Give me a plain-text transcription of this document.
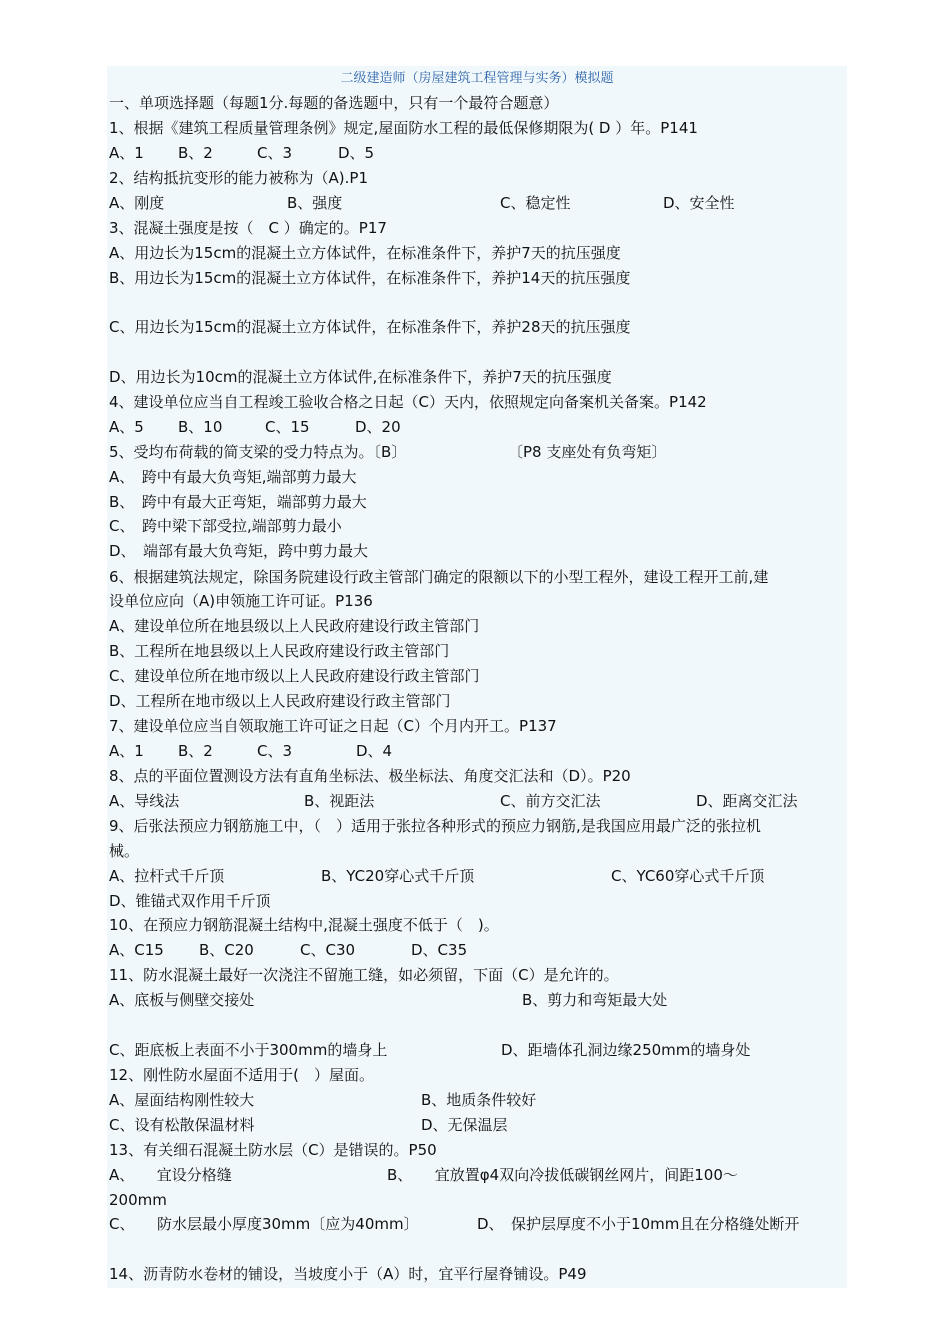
二级建造师（房屋建筑工程管理与实务）模拟题
一、单项选择题（每题1分.每题的备选题中，只有一个最符合题意）
1、根据《建筑工程质量管理条例》规定,屋面防水工程的最低保修期限为( D ）年。P141
A、1 B、2	C、3	D、5
2、结构抵抗变形的能力被称为（A).P1
A、刚度	B、强度	C、稳定性	D、安全性
3、混凝土强度是按（　C ）确定的。P17
A、用边长为15cm的混凝土立方体试件，在标准条件下，养护7天的抗压强度
B、用边长为15cm的混凝土立方体试件，在标准条件下，养护14天的抗压强度
C、用边长为15cm的混凝土立方体试件，在标准条件下，养护28天的抗压强度
D、用边长为10cm的混凝土立方体试件,在标准条件下，养护7天的抗压强度
4、建设单位应当自工程竣工验收合格之日起（C）天内，依照规定向备案机关备案。P142
A、5 B、10	C、15	D、20
5、受均布荷载的简支梁的受力特点为。〔B〕	〔P8 支座处有负弯矩〕
A、　跨中有最大负弯矩,端部剪力最大
B、　跨中有最大正弯矩，端部剪力最大
C、　跨中梁下部受拉,端部剪力最小
D、　端部有最大负弯矩，跨中剪力最大
6、根据建筑法规定，除国务院建设行政主管部门确定的限额以下的小型工程外，建设工程开工前,建
设单位应向（A)申领施工许可证。P136
A、建设单位所在地县级以上人民政府建设行政主管部门
B、工程所在地县级以上人民政府建设行政主管部门
C、建设单位所在地市级以上人民政府建设行政主管部门
D、工程所在地市级以上人民政府建设行政主管部门
7、建设单位应当自领取施工许可证之日起（C）个月内开工。P137
A、1 B、2	C、3	D、4
8、点的平面位置测设方法有直角坐标法、极坐标法、角度交汇法和（D）。P20
A、导线法	B、视距法	C、前方交汇法	D、距离交汇法
9、后张法预应力钢筋施工中，（　）适用于张拉各种形式的预应力钢筋,是我国应用最广泛的张拉机
械。
A、拉杆式千斤顶	B、YC20穿心式千斤顶	C、YC60穿心式千斤顶
D、锥锚式双作用千斤顶
10、在预应力钢筋混凝土结构中,混凝土强度不低于（　)。
A、C15 B、C20	C、C30	D、C35
11、防水混凝土最好一次浇注不留施工缝，如必须留，下面（C）是允许的。
A、底板与侧壁交接处	B、剪力和弯矩最大处
C、距底板上表面不小于300mm的墙身上	D、距墙体孔洞边缘250mm的墙身处
12、刚性防水屋面不适用于(　）屋面。
A、屋面结构刚性较大	B、地质条件较好
C、设有松散保温材料	D、无保温层
13、有关细石混凝土防水层（C）是错误的。P50
A、　　宜设分格缝	B、　　宜放置φ4双向冷拔低碳钢丝网片，间距100～
200mm
C、　　防水层最小厚度30mm〔应为40mm〕	D、　保护层厚度不小于10mm且在分格缝处断开
14、沥青防水卷材的铺设，当坡度小于（A）时，宜平行屋脊铺设。P49
